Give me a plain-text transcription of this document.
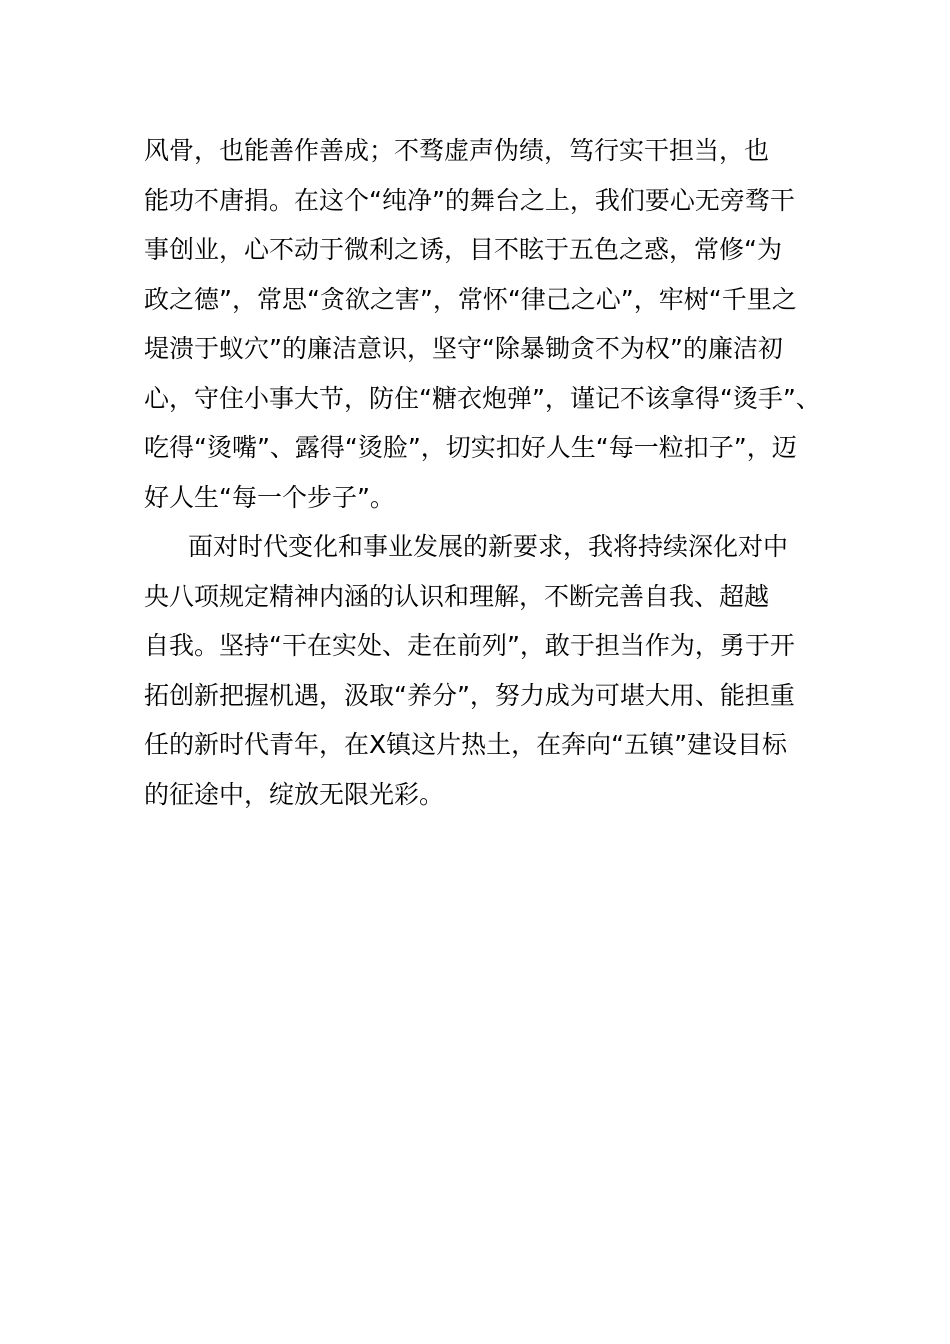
风骨，也能善作善成；不骛虚声伪绩，笃行实干担当，也
能功不唐捐。在这个“纯净”的舞台之上，我们要心无旁骛干
事创业，心不动于微利之诱，目不眩于五色之惑，常修“为
政之德”，常思“贪欲之害”，常怀“律己之心”，牢树“千里之
堤溃于蚁穴”的廉洁意识，坚守“除暴锄贪不为权”的廉洁初
心，守住小事大节，防住“糖衣炮弹”，谨记不该拿得“烫手”、
吃得“烫嘴”、露得“烫脸”，切实扣好人生“每一粒扣子”，迈
好人生“每一个步子”。
面对时代变化和事业发展的新要求，我将持续深化对中
央八项规定精神内涵的认识和理解，不断完善自我、超越
自我。坚持“干在实处、走在前列”，敢于担当作为，勇于开
拓创新把握机遇，汲取“养分”，努力成为可堪大用、能担重
任的新时代青年，在X镇这片热土，在奔向“五镇”建设目标
的征途中，绽放无限光彩。
